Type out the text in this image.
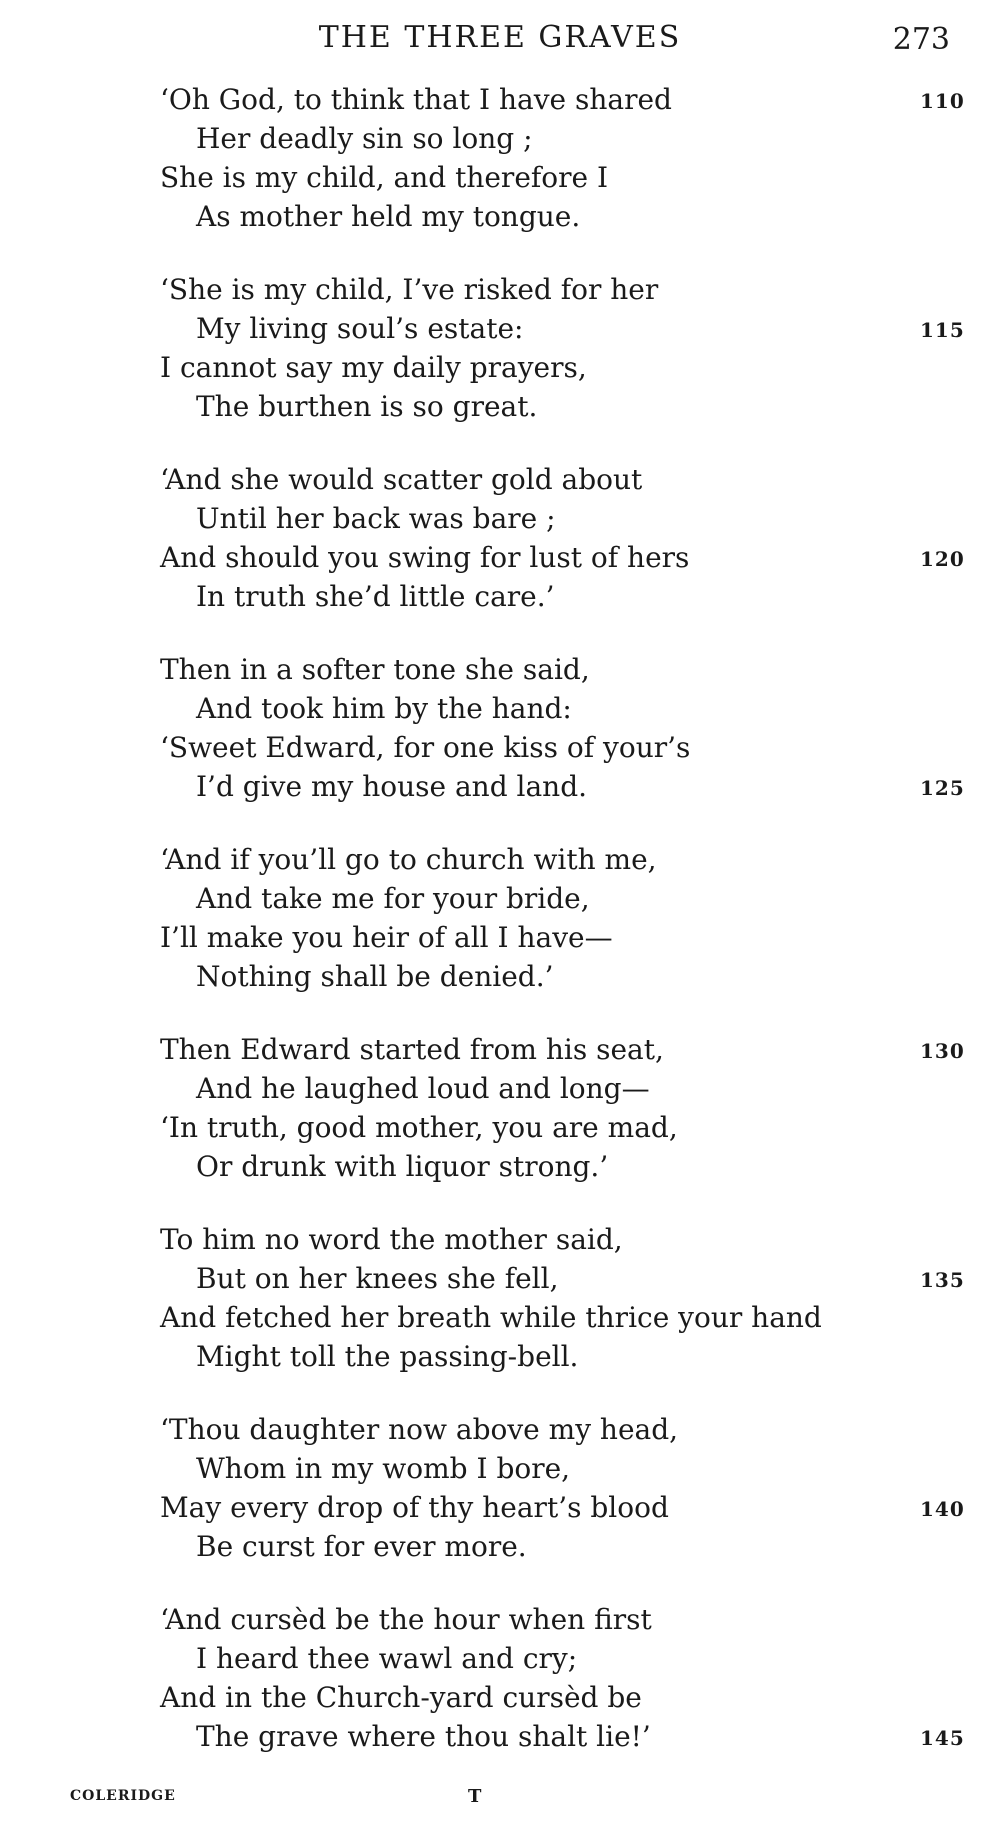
THE THREE GRAVES	273
‘Oh God, to think that I have shared	110
Her deadly sin so long ;
She is my child, and therefore I
As mother held my tongue.
‘She is my child, I’ve risked for her
My living soul’s estate:	115
I cannot say my daily prayers,
The burthen is so great.
‘And she would scatter gold about
Until her back was bare ;
And should you swing for lust of hers	120
In truth she’d little care.’
Then in a softer tone she said,
And took him by the hand:
‘Sweet Edward, for one kiss of your’s
I’d give my house and land.	125
‘And if you’ll go to church with me,
And take me for your bride,
I’ll make you heir of all I have—
Nothing shall be denied.’
Then Edward started from his seat,	130
And he laughed loud and long—
‘In truth, good mother, you are mad,
Or drunk with liquor strong.’
To him no word the mother said,
But on her knees she fell,	135
And fetched her breath while thrice your hand
Might toll the passing-bell.
‘Thou daughter now above my head,
Whom in my womb I bore,
May every drop of thy heart’s blood	140
Be curst for ever more.
‘And cursèd be the hour when first
I heard thee wawl and cry;
And in the Church-yard cursèd be
The grave where thou shalt lie!’	145
COLERIDGE	T
